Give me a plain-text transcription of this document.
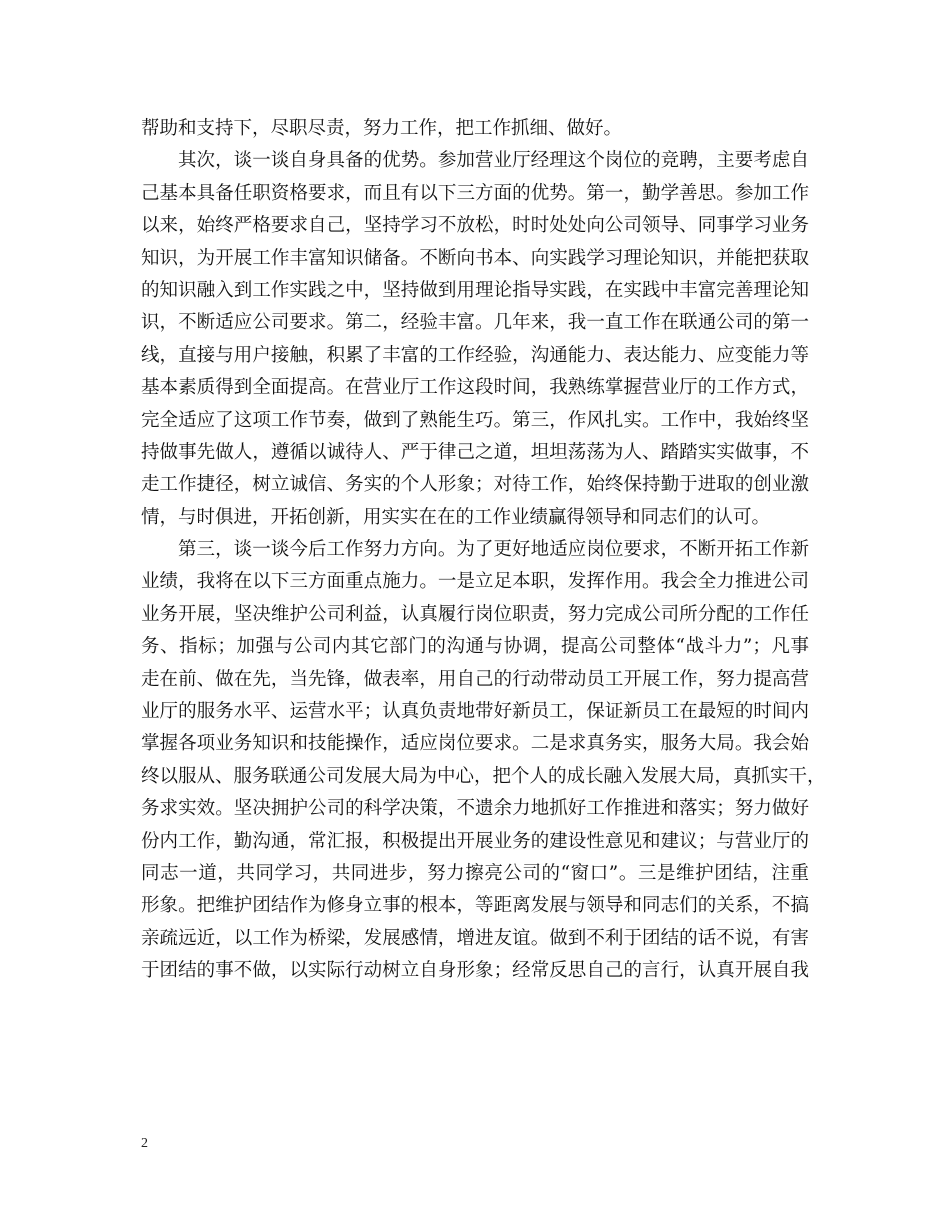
帮助和支持下，尽职尽责，努力工作，把工作抓细、做好。
其次，谈一谈自身具备的优势。参加营业厅经理这个岗位的竞聘，主要考虑自
己基本具备任职资格要求，而且有以下三方面的优势。第一，勤学善思。参加工作
以来，始终严格要求自己，坚持学习不放松，时时处处向公司领导、同事学习业务
知识，为开展工作丰富知识储备。不断向书本、向实践学习理论知识，并能把获取
的知识融入到工作实践之中，坚持做到用理论指导实践，在实践中丰富完善理论知
识，不断适应公司要求。第二，经验丰富。几年来，我一直工作在联通公司的第一
线，直接与用户接触，积累了丰富的工作经验，沟通能力、表达能力、应变能力等
基本素质得到全面提高。在营业厅工作这段时间，我熟练掌握营业厅的工作方式，
完全适应了这项工作节奏，做到了熟能生巧。第三，作风扎实。工作中，我始终坚
持做事先做人，遵循以诚待人、严于律己之道，坦坦荡荡为人、踏踏实实做事，不
走工作捷径，树立诚信、务实的个人形象；对待工作，始终保持勤于进取的创业激
情，与时俱进，开拓创新，用实实在在的工作业绩赢得领导和同志们的认可。
第三，谈一谈今后工作努力方向。为了更好地适应岗位要求，不断开拓工作新
业绩，我将在以下三方面重点施力。一是立足本职，发挥作用。我会全力推进公司
业务开展，坚决维护公司利益，认真履行岗位职责，努力完成公司所分配的工作任
务、指标；加强与公司内其它部门的沟通与协调，提高公司整体“战斗力”；凡事
走在前、做在先，当先锋，做表率，用自己的行动带动员工开展工作，努力提高营
业厅的服务水平、运营水平；认真负责地带好新员工，保证新员工在最短的时间内
掌握各项业务知识和技能操作，适应岗位要求。二是求真务实，服务大局。我会始
终以服从、服务联通公司发展大局为中心，把个人的成长融入发展大局，真抓实干，
务求实效。坚决拥护公司的科学决策，不遗余力地抓好工作推进和落实；努力做好
份内工作，勤沟通，常汇报，积极提出开展业务的建设性意见和建议；与营业厅的
同志一道，共同学习，共同进步，努力擦亮公司的“窗口”。三是维护团结，注重
形象。把维护团结作为修身立事的根本，等距离发展与领导和同志们的关系，不搞
亲疏远近，以工作为桥梁，发展感情，增进友谊。做到不利于团结的话不说，有害
于团结的事不做，以实际行动树立自身形象；经常反思自己的言行，认真开展自我
2
